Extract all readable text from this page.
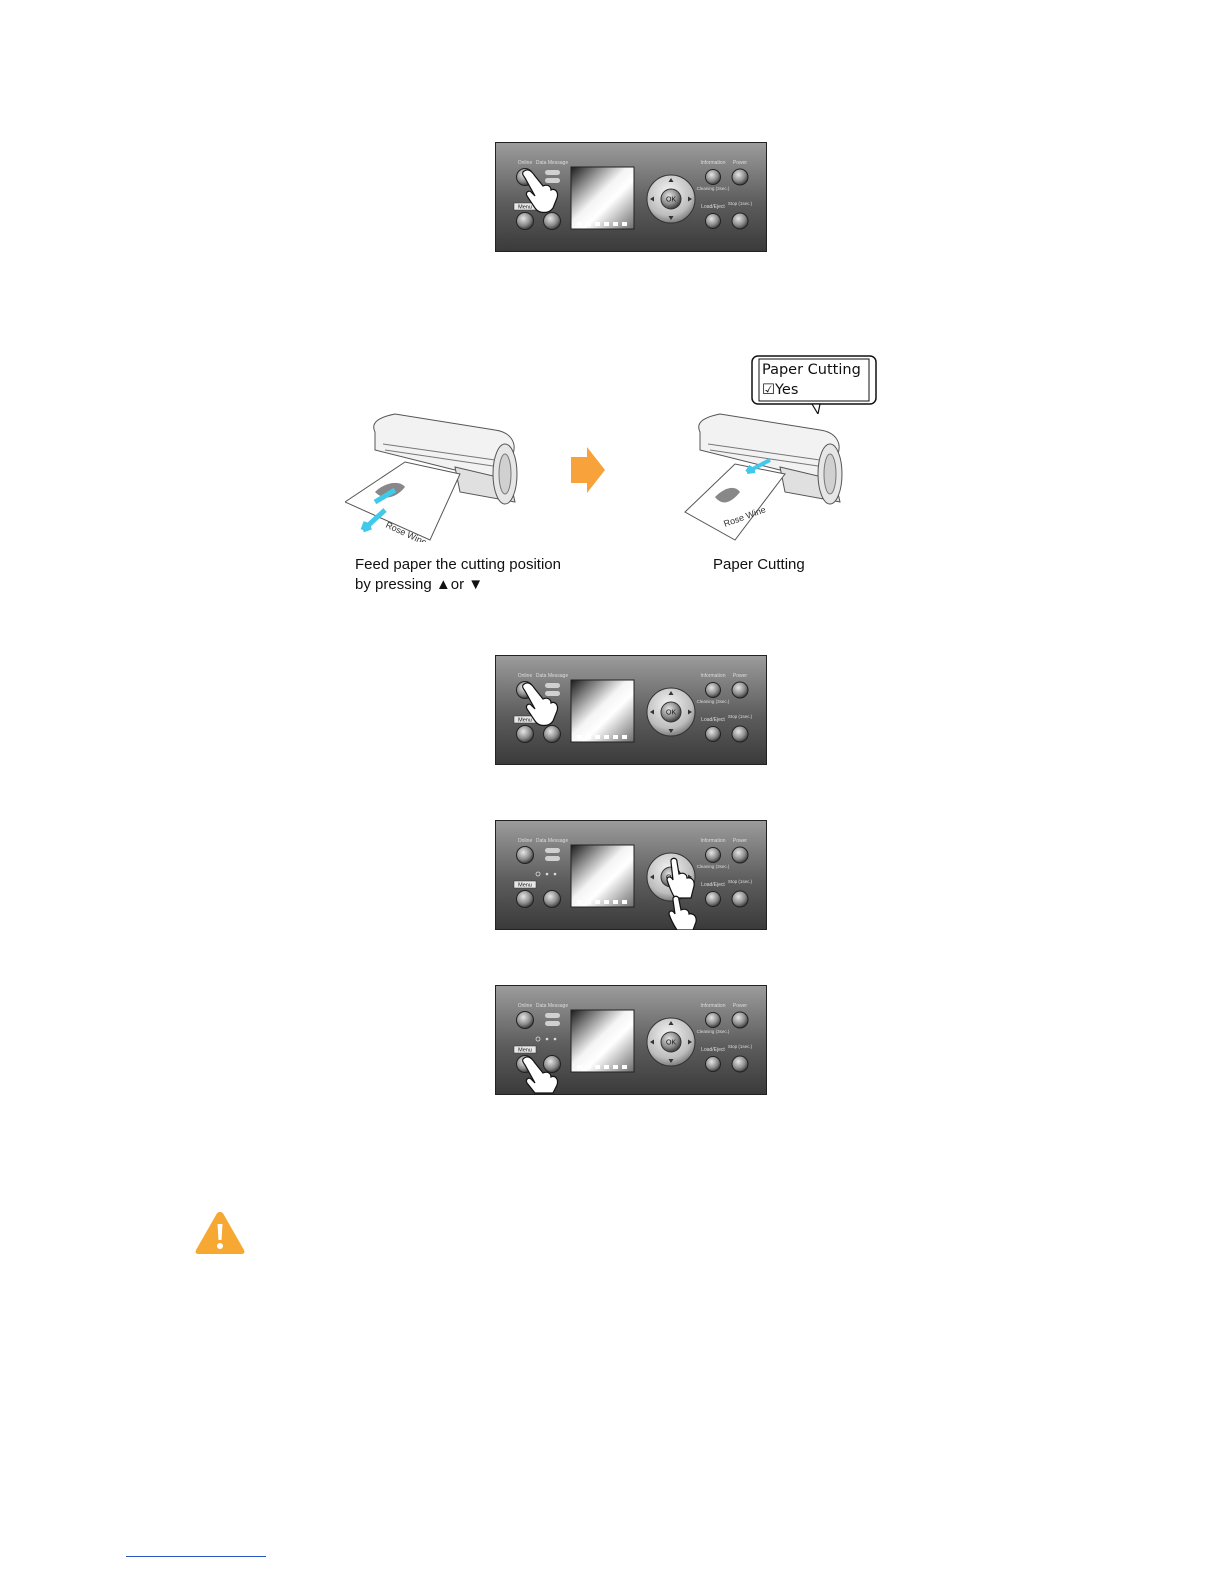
Online Data Message	Information Power
Menu
OK
Cleaning (3sec.)
Load/Eject
Stop (1sec.)
Rose Wine
Rose Wine
Paper Cutting
☑Yes
Feed paper the cutting position
by pressing ▲or ▼
Paper Cutting
Online Data Message	Information Power
Menu
OK
Cleaning (3sec.)
Load/Eject
Stop (1sec.)
Online Data Message	Information Power
Menu
Cleaning (3sec.)
Load/Eject
Stop (1sec.)
Online Data Message	Information Power
Menu
OK
Cleaning (3sec.)
Load/Eject
Stop (1sec.)
